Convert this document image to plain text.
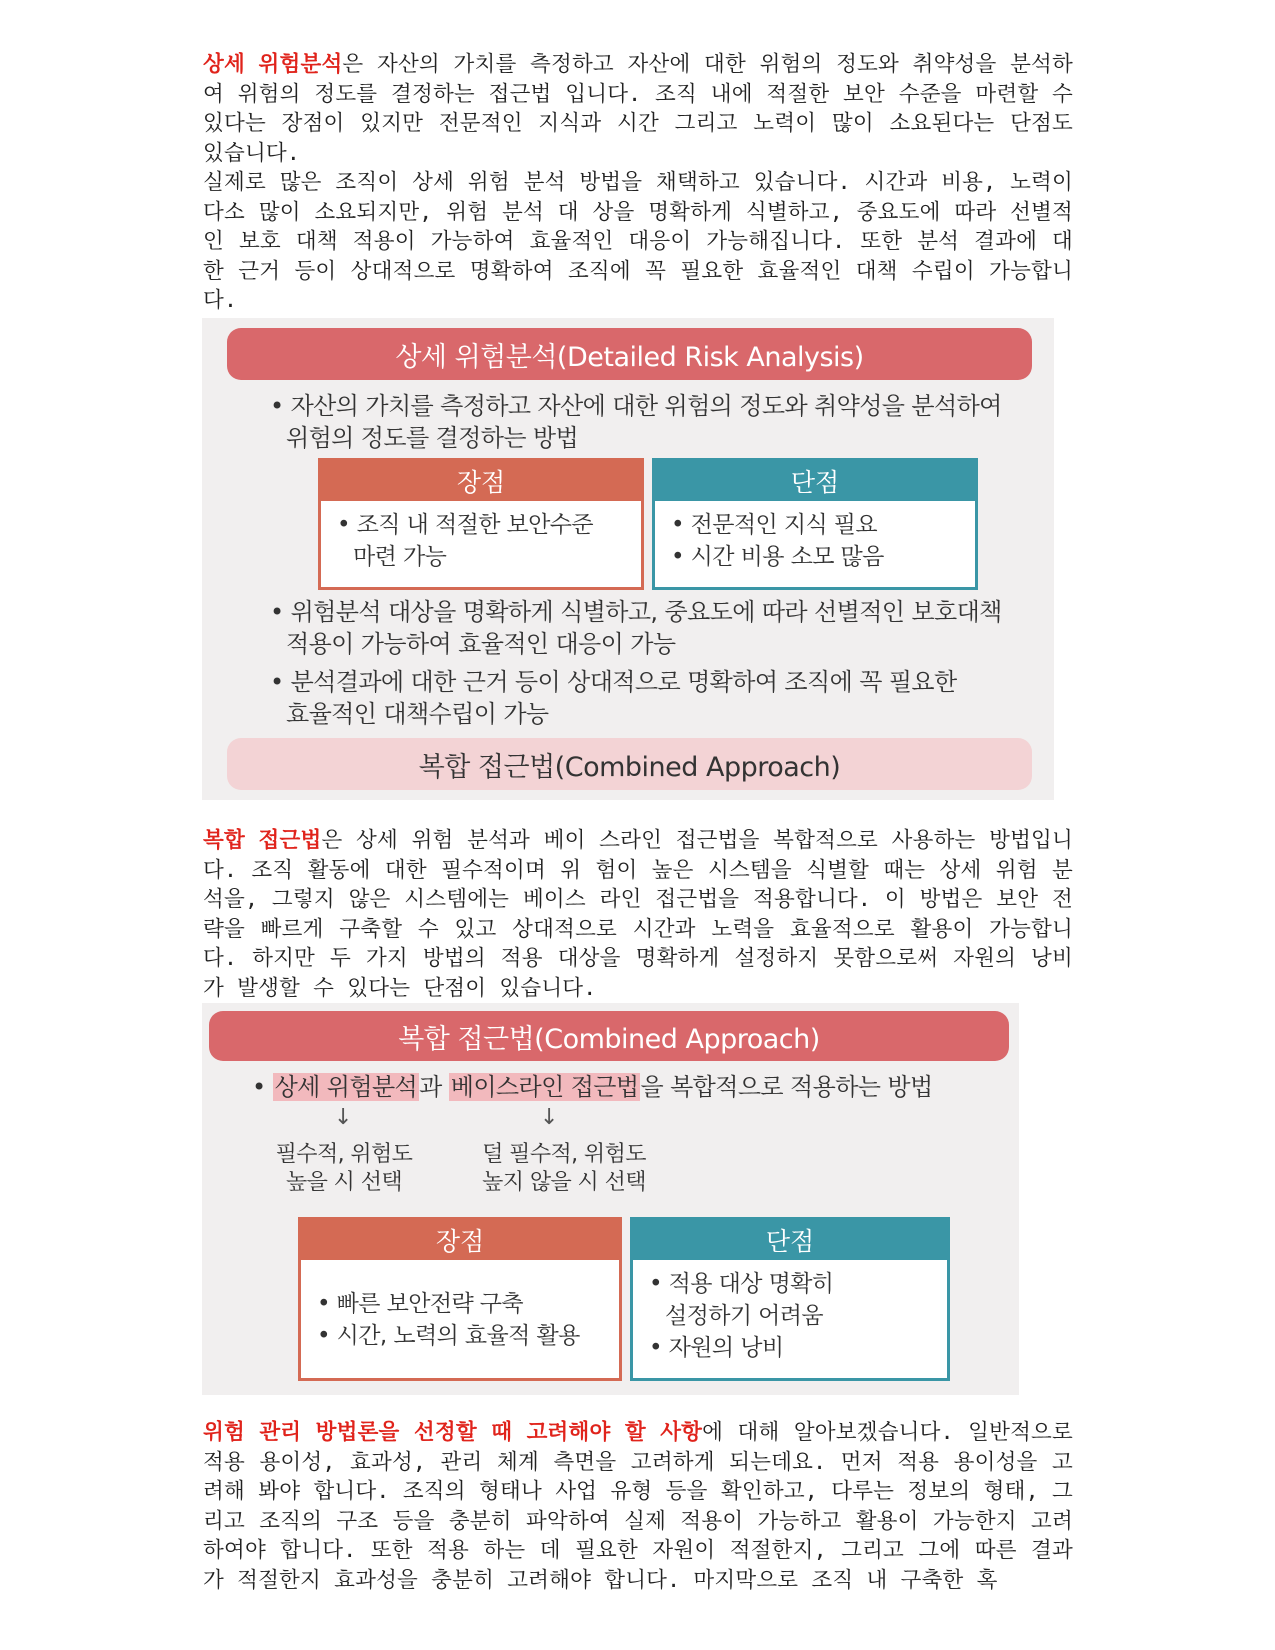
상세 위험분석은 자산의 가치를 측정하고 자산에 대한 위험의 정도와 취약성을 분석하여 위험의 정도를 결정하는 접근법 입니다. 조직 내에 적절한 보안 수준을 마련할 수 있다는 장점이 있지만 전문적인 지식과 시간 그리고 노력이 많이 소요된다는 단점도 있습니다.

실제로 많은 조직이 상세 위험 분석 방법을 채택하고 있습니다. 시간과 비용, 노력이 다소 많이 소요되지만, 위험 분석 대 상을 명확하게 식별하고, 중요도에 따라 선별적인 보호 대책 적용이 가능하여 효율적인 대응이 가능해집니다. 또한 분석 결과에 대한 근거 등이 상대적으로 명확하여 조직에 꼭 필요한 효율적인 대책 수립이 가능합니다.

상세 위험분석(Detailed Risk Analysis)
• 자산의 가치를 측정하고 자산에 대한 위험의 정도와 취약성을 분석하여
위험의 정도를 결정하는 방법
장점
• 조직 내 적절한 보안수준
마련 가능
단점
• 전문적인 지식 필요
• 시간 비용 소모 많음
• 위험분석 대상을 명확하게 식별하고, 중요도에 따라 선별적인 보호대책
적용이 가능하여 효율적인 대응이 가능
• 분석결과에 대한 근거 등이 상대적으로 명확하여 조직에 꼭 필요한
효율적인 대책수립이 가능
복합 접근법(Combined Approach)

복합 접근법은 상세 위험 분석과 베이 스라인 접근법을 복합적으로 사용하는 방법입니다. 조직 활동에 대한 필수적이며 위 험이 높은 시스템을 식별할 때는 상세 위험 분석을, 그렇지 않은 시스템에는 베이스 라인 접근법을 적용합니다. 이 방법은 보안 전략을 빠르게 구축할 수 있고 상대적으로 시간과 노력을 효율적으로 활용이 가능합니다. 하지만 두 가지 방법의 적용 대상을 명확하게 설정하지 못함으로써 자원의 낭비가 발생할 수 있다는 단점이 있습니다.

복합 접근법(Combined Approach)
• 상세 위험분석과 베이스라인 접근법을 복합적으로 적용하는 방법
↓	↓
필수적, 위험도
높을 시 선택
덜 필수적, 위험도
높지 않을 시 선택
장점
• 빠른 보안전략 구축
• 시간, 노력의 효율적 활용
단점
• 적용 대상 명확히
설정하기 어려움
• 자원의 낭비

위험 관리 방법론을 선정할 때 고려해야 할 사항에 대해 알아보겠습니다. 일반적으로 적용 용이성, 효과성, 관리 체계 측면을 고려하게 되는데요. 먼저 적용 용이성을 고려해 봐야 합니다. 조직의 형태나 사업 유형 등을 확인하고, 다루는 정보의 형태, 그리고 조직의 구조 등을 충분히 파악하여 실제 적용이 가능하고 활용이 가능한지 고려하여야 합니다. 또한 적용 하는 데 필요한 자원이 적절한지, 그리고 그에 따른 결과가 적절한지 효과성을 충분히 고려해야 합니다. 마지막으로 조직 내 구축한 혹
